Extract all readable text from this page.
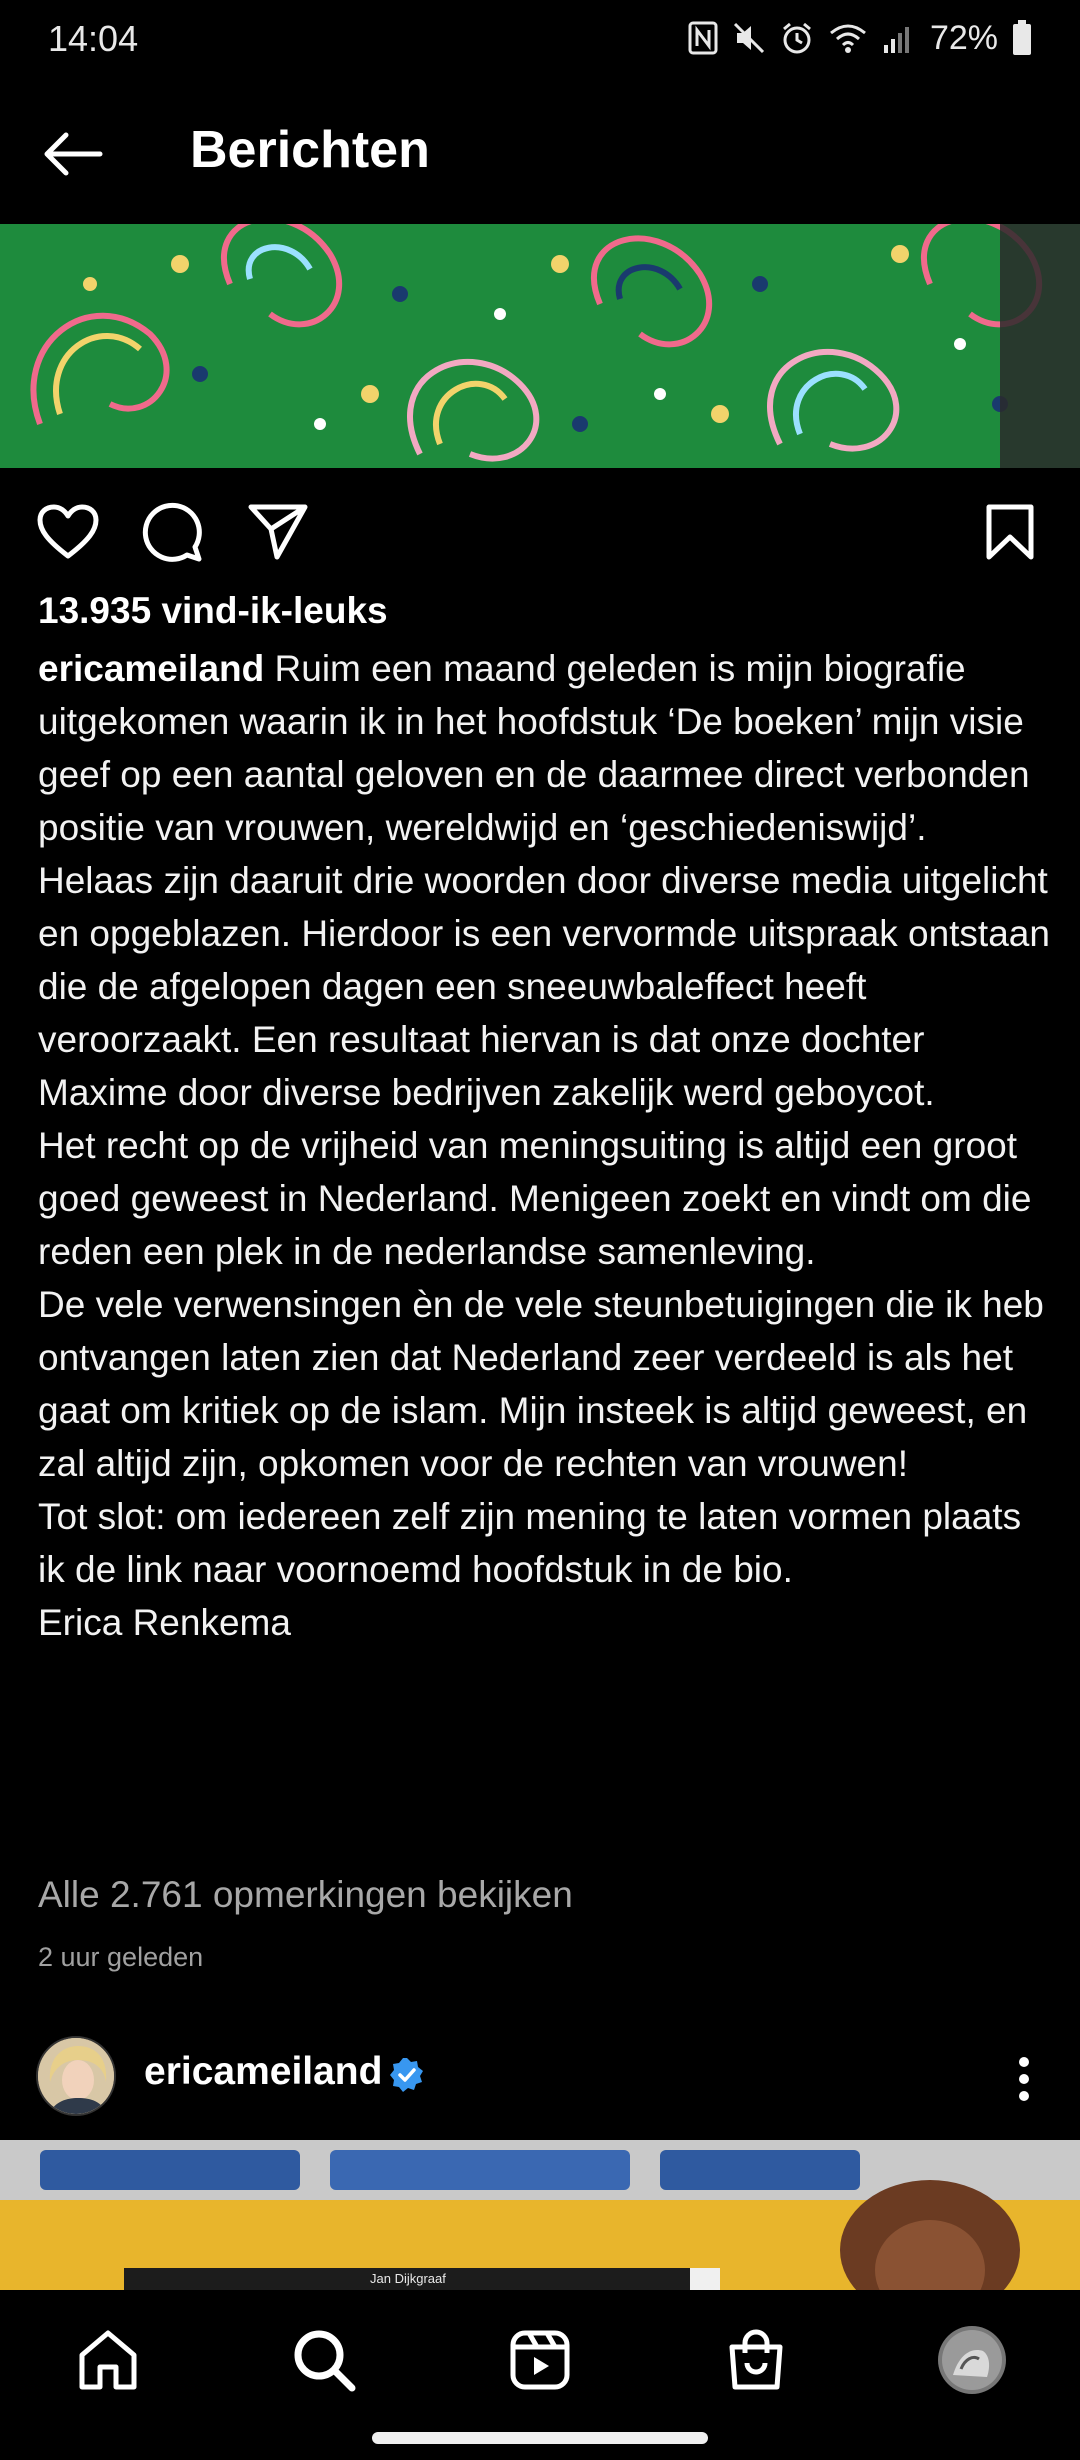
14:04	72%
Berichten
13.935 vind-ik-leuks

ericameiland Ruim een maand geleden is mijn biografie uitgekomen waarin ik in het hoofdstuk ‘De boeken’ mijn visie geef op een aantal geloven en de daarmee direct verbonden positie van vrouwen, wereldwijd en ‘geschiedeniswijd’.

Helaas zijn daaruit drie woorden door diverse media uitgelicht en opgeblazen. Hierdoor is een vervormde uitspraak ontstaan die de afgelopen dagen een sneeuwbaleffect heeft veroorzaakt. Een resultaat hiervan is dat onze dochter Maxime door diverse bedrijven zakelijk werd geboycot.

Het recht op de vrijheid van meningsuiting is altijd een groot goed geweest in Nederland. Menigeen zoekt en vindt om die reden een plek in de nederlandse samenleving.

De vele verwensingen èn de vele steunbetuigingen die ik heb ontvangen laten zien dat Nederland zeer verdeeld is als het gaat om kritiek op de islam. Mijn insteek is altijd geweest, en zal altijd zijn, opkomen voor de rechten van vrouwen!

Tot slot: om iedereen zelf zijn mening te laten vormen plaats ik de link naar voornoemd hoofdstuk in de bio.

Erica Renkema

Alle 2.761 opmerkingen bekijken
2 uur geleden
ericameiland
Jan Dijkgraaf
